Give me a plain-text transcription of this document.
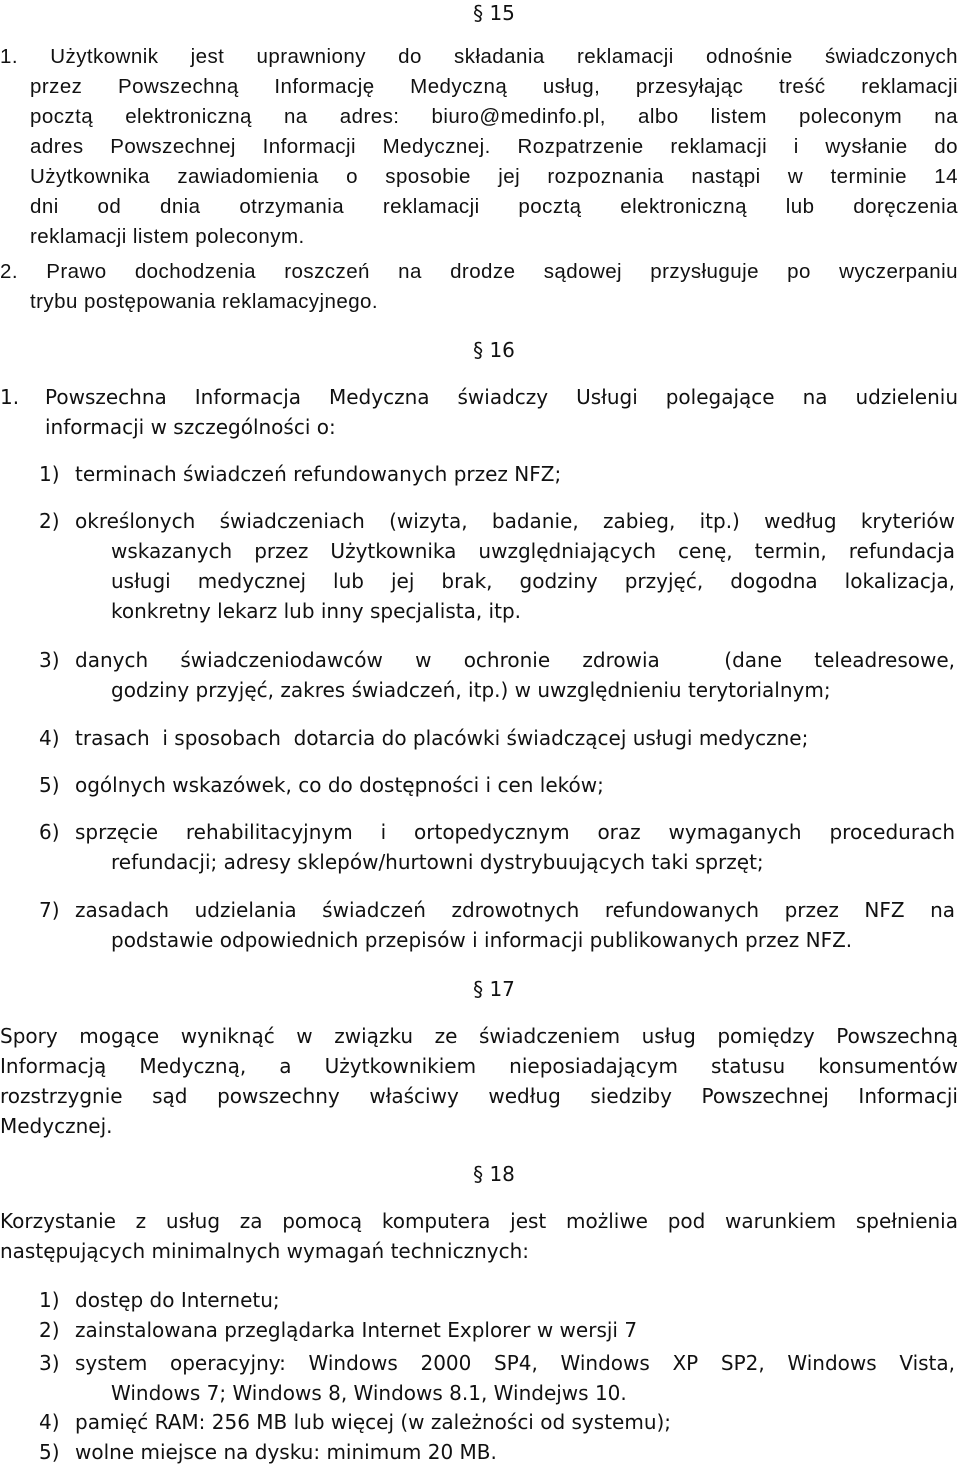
§ 15
1. Użytkownik jest uprawniony do składania reklamacji odnośnie świadczonych
przez Powszechną Informację Medyczną usług, przesyłając treść reklamacji
pocztą elektroniczną na adres: biuro@medinfo.pl, albo listem poleconym na
adres Powszechnej Informacji Medycznej. Rozpatrzenie reklamacji i wysłanie do
Użytkownika zawiadomienia o sposobie jej rozpoznania nastąpi w terminie 14
dni od dnia otrzymania reklamacji pocztą elektroniczną lub doręczenia
reklamacji listem poleconym.
2. Prawo dochodzenia roszczeń na drodze sądowej przysługuje po wyczerpaniu
trybu postępowania reklamacyjnego.
§ 16
1. Powszechna Informacja Medyczna świadczy Usługi polegające na udzieleniu
informacji w szczególności o:
1) terminach świadczeń refundowanych przez NFZ;
2) określonych świadczeniach (wizyta, badanie, zabieg, itp.) według kryteriów
wskazanych przez Użytkownika uwzględniających cenę, termin, refundacja
usługi medycznej lub jej brak, godziny przyjęć, dogodna lokalizacja,
konkretny lekarz lub inny specjalista, itp.
3) danych świadczeniodawców w ochronie zdrowia  (dane teleadresowe,
godziny przyjęć, zakres świadczeń, itp.) w uwzględnieniu terytorialnym;
4) trasach  i sposobach  dotarcia do placówki świadczącej usługi medyczne;
5) ogólnych wskazówek, co do dostępności i cen leków;
6) sprzęcie rehabilitacyjnym i ortopedycznym oraz wymaganych procedurach
refundacji; adresy sklepów/hurtowni dystrybuujących taki sprzęt;
7) zasadach udzielania świadczeń zdrowotnych refundowanych przez NFZ na
podstawie odpowiednich przepisów i informacji publikowanych przez NFZ.
§ 17
Spory mogące wyniknąć w związku ze świadczeniem usług pomiędzy Powszechną
Informacją Medyczną, a Użytkownikiem nieposiadającym statusu konsumentów
rozstrzygnie sąd powszechny właściwy według siedziby Powszechnej Informacji
Medycznej.
§ 18
Korzystanie z usług za pomocą komputera jest możliwe pod warunkiem spełnienia
następujących minimalnych wymagań technicznych:
1) dostęp do Internetu;
2) zainstalowana przeglądarka Internet Explorer w wersji 7
3) system operacyjny: Windows 2000 SP4, Windows XP SP2, Windows Vista,
Windows 7; Windows 8, Windows 8.1, Windejws 10.
4) pamięć RAM: 256 MB lub więcej (w zależności od systemu);
5) wolne miejsce na dysku: minimum 20 MB.
